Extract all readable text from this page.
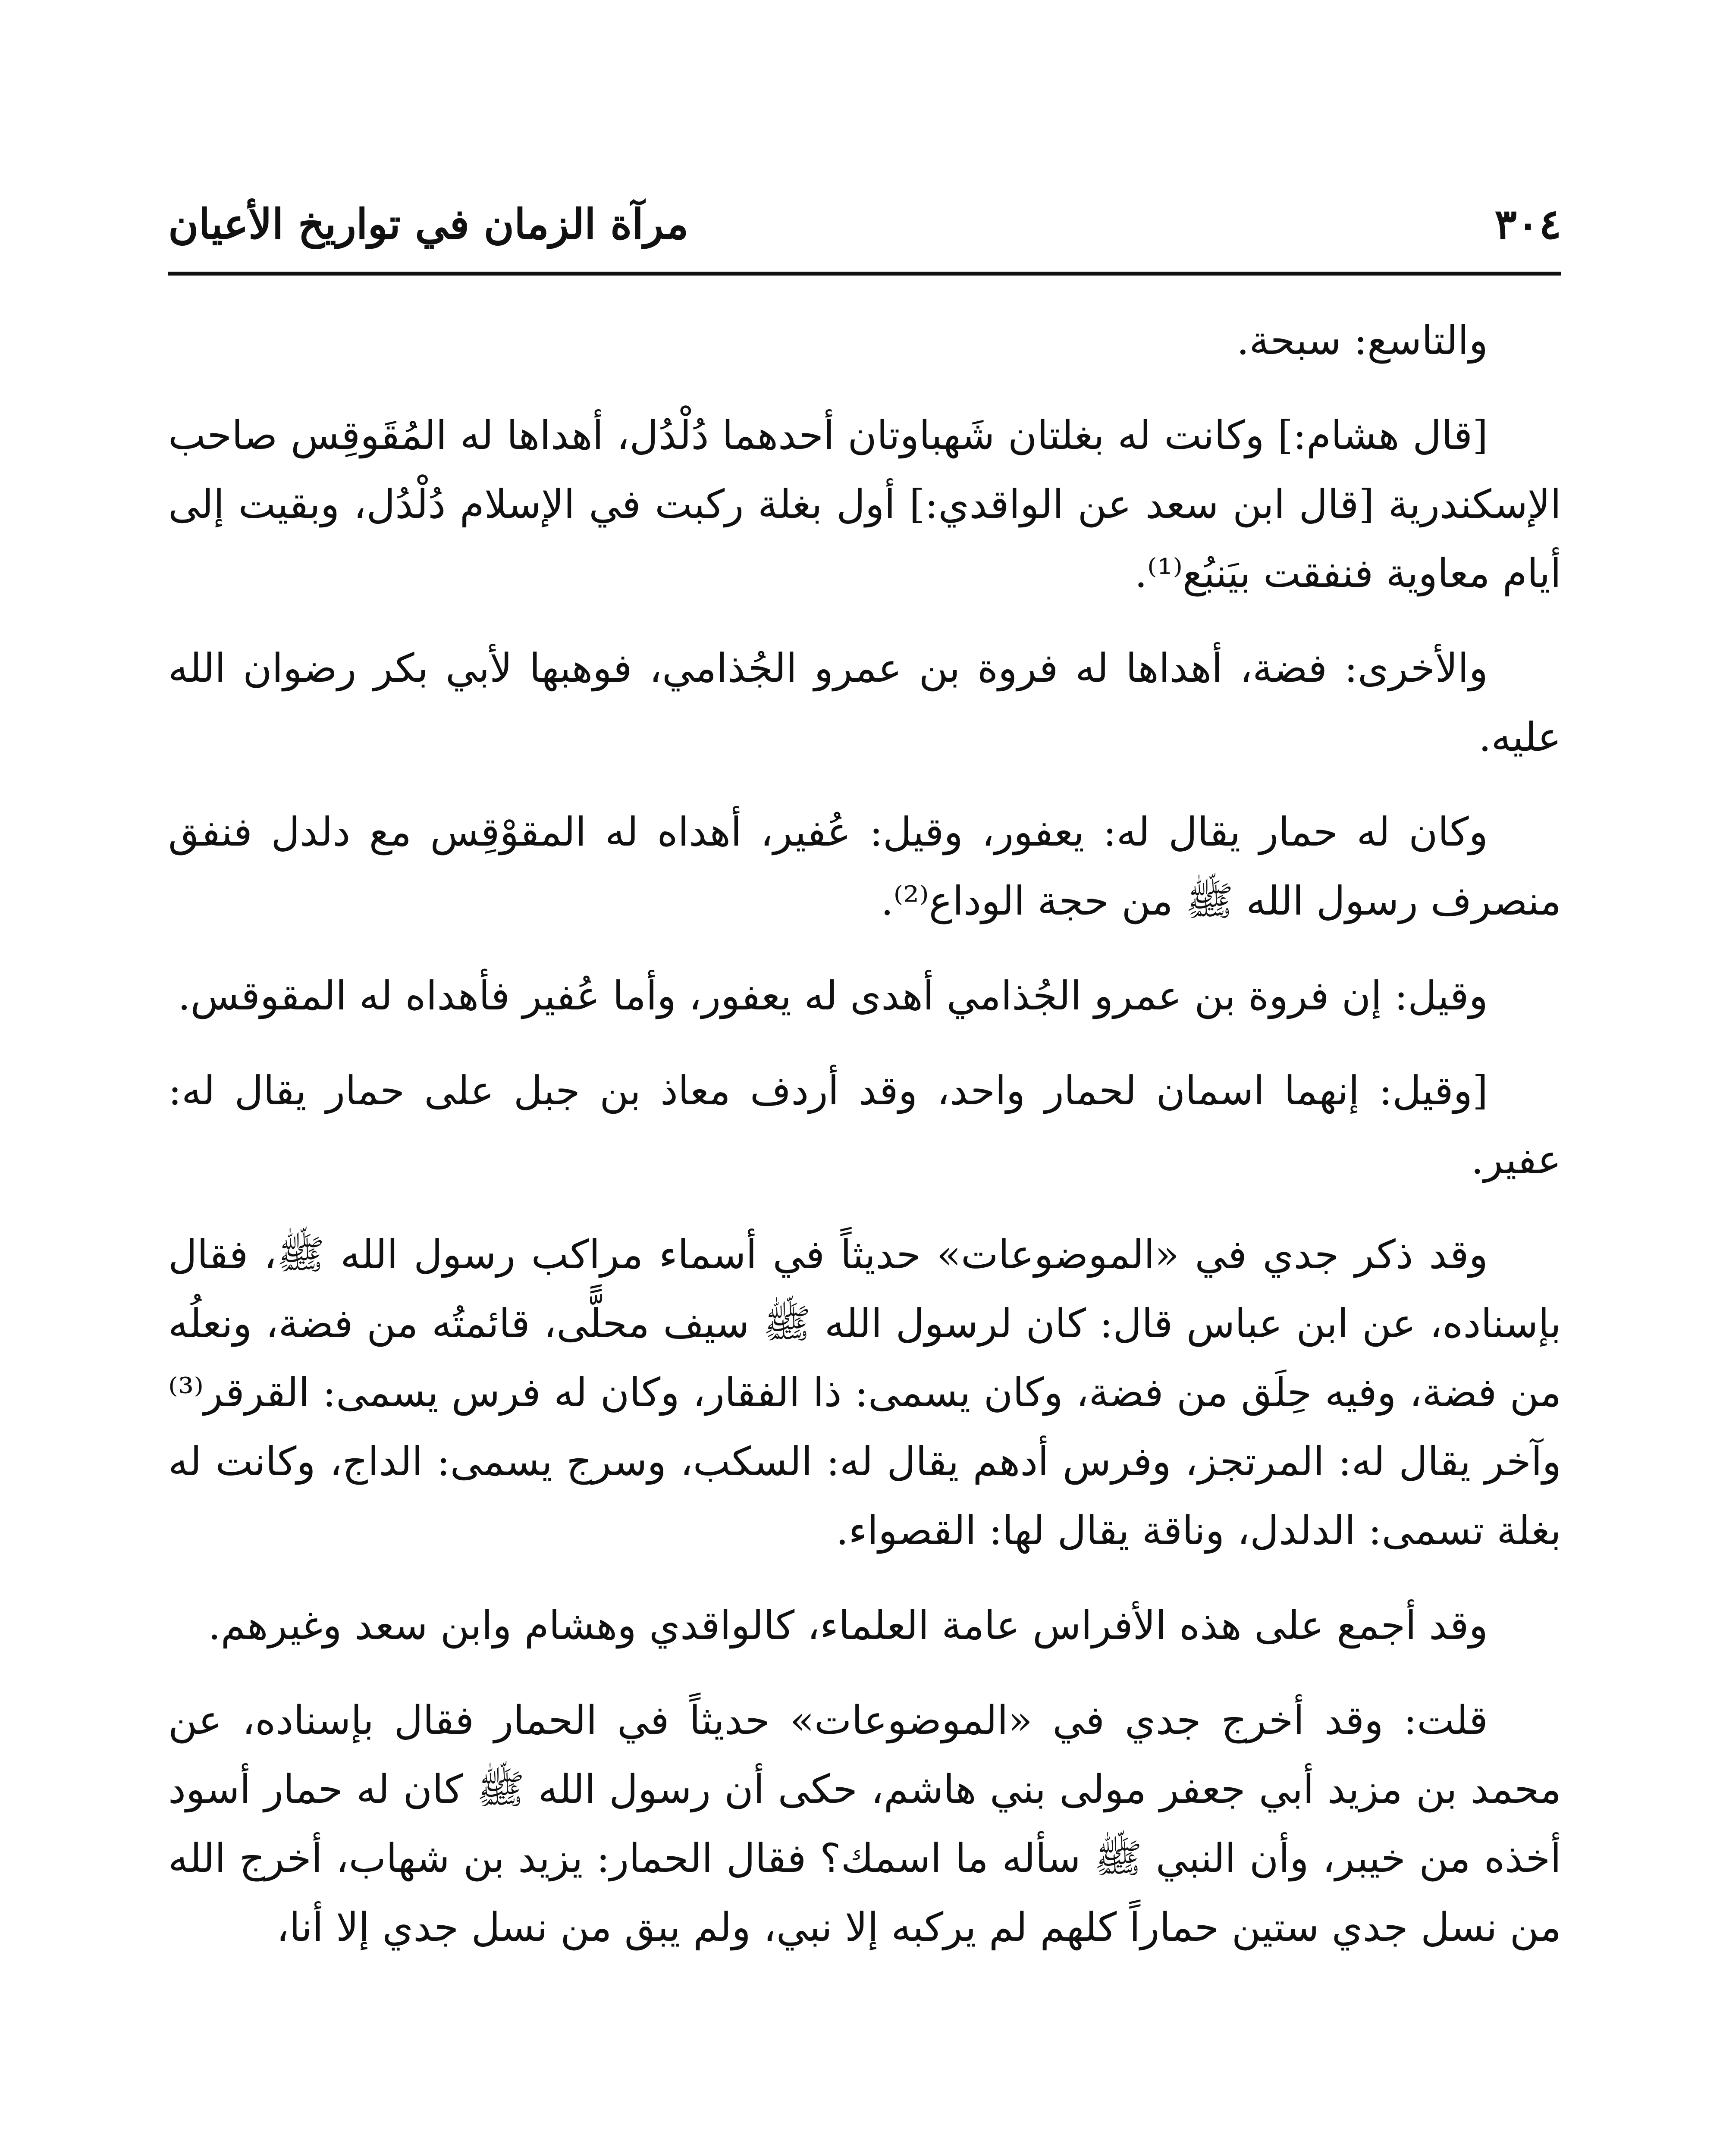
٣٠٤
مرآة الزمان في تواريخ الأعيان

والتاسع: سبحة.

[قال هشام:] وكانت له بغلتان شَهباوتان أحدهما دُلْدُل، أهداها له المُقَوقِس صاحب الإسكندرية [قال ابن سعد عن الواقدي:] أول بغلة ركبت في الإسلام دُلْدُل، وبقيت إلى أيام معاوية فنفقت بيَنبُع⁽¹⁾.

والأخرى: فضة، أهداها له فروة بن عمرو الجُذامي، فوهبها لأبي بكر رضوان الله عليه.

وكان له حمار يقال له: يعفور، وقيل: عُفير، أهداه له المقوْقِس مع دلدل فنفق منصرف رسول الله ﷺ من حجة الوداع⁽²⁾.

وقيل: إن فروة بن عمرو الجُذامي أهدى له يعفور، وأما عُفير فأهداه له المقوقس.

[وقيل: إنهما اسمان لحمار واحد، وقد أردف معاذ بن جبل على حمار يقال له: عفير.

وقد ذكر جدي في «الموضوعات» حديثاً في أسماء مراكب رسول الله ﷺ، فقال بإسناده، عن ابن عباس قال: كان لرسول الله ﷺ سيف محلًّى، قائمتُه من فضة، ونعلُه من فضة، وفيه حِلَق من فضة، وكان يسمى: ذا الفقار، وكان له فرس يسمى: القرقر⁽³⁾ وآخر يقال له: المرتجز، وفرس أدهم يقال له: السكب، وسرج يسمى: الداج، وكانت له بغلة تسمى: الدلدل، وناقة يقال لها: القصواء.

وقد أجمع على هذه الأفراس عامة العلماء، كالواقدي وهشام وابن سعد وغيرهم.

قلت: وقد أخرج جدي في «الموضوعات» حديثاً في الحمار فقال بإسناده، عن محمد بن مزيد أبي جعفر مولى بني هاشم، حكى أن رسول الله ﷺ كان له حمار أسود أخذه من خيبر، وأن النبي ﷺ سأله ما اسمك؟ فقال الحمار: يزيد بن شهاب، أخرج الله من نسل جدي ستين حماراً كلهم لم يركبه إلا نبي، ولم يبق من نسل جدي إلا أنا،
